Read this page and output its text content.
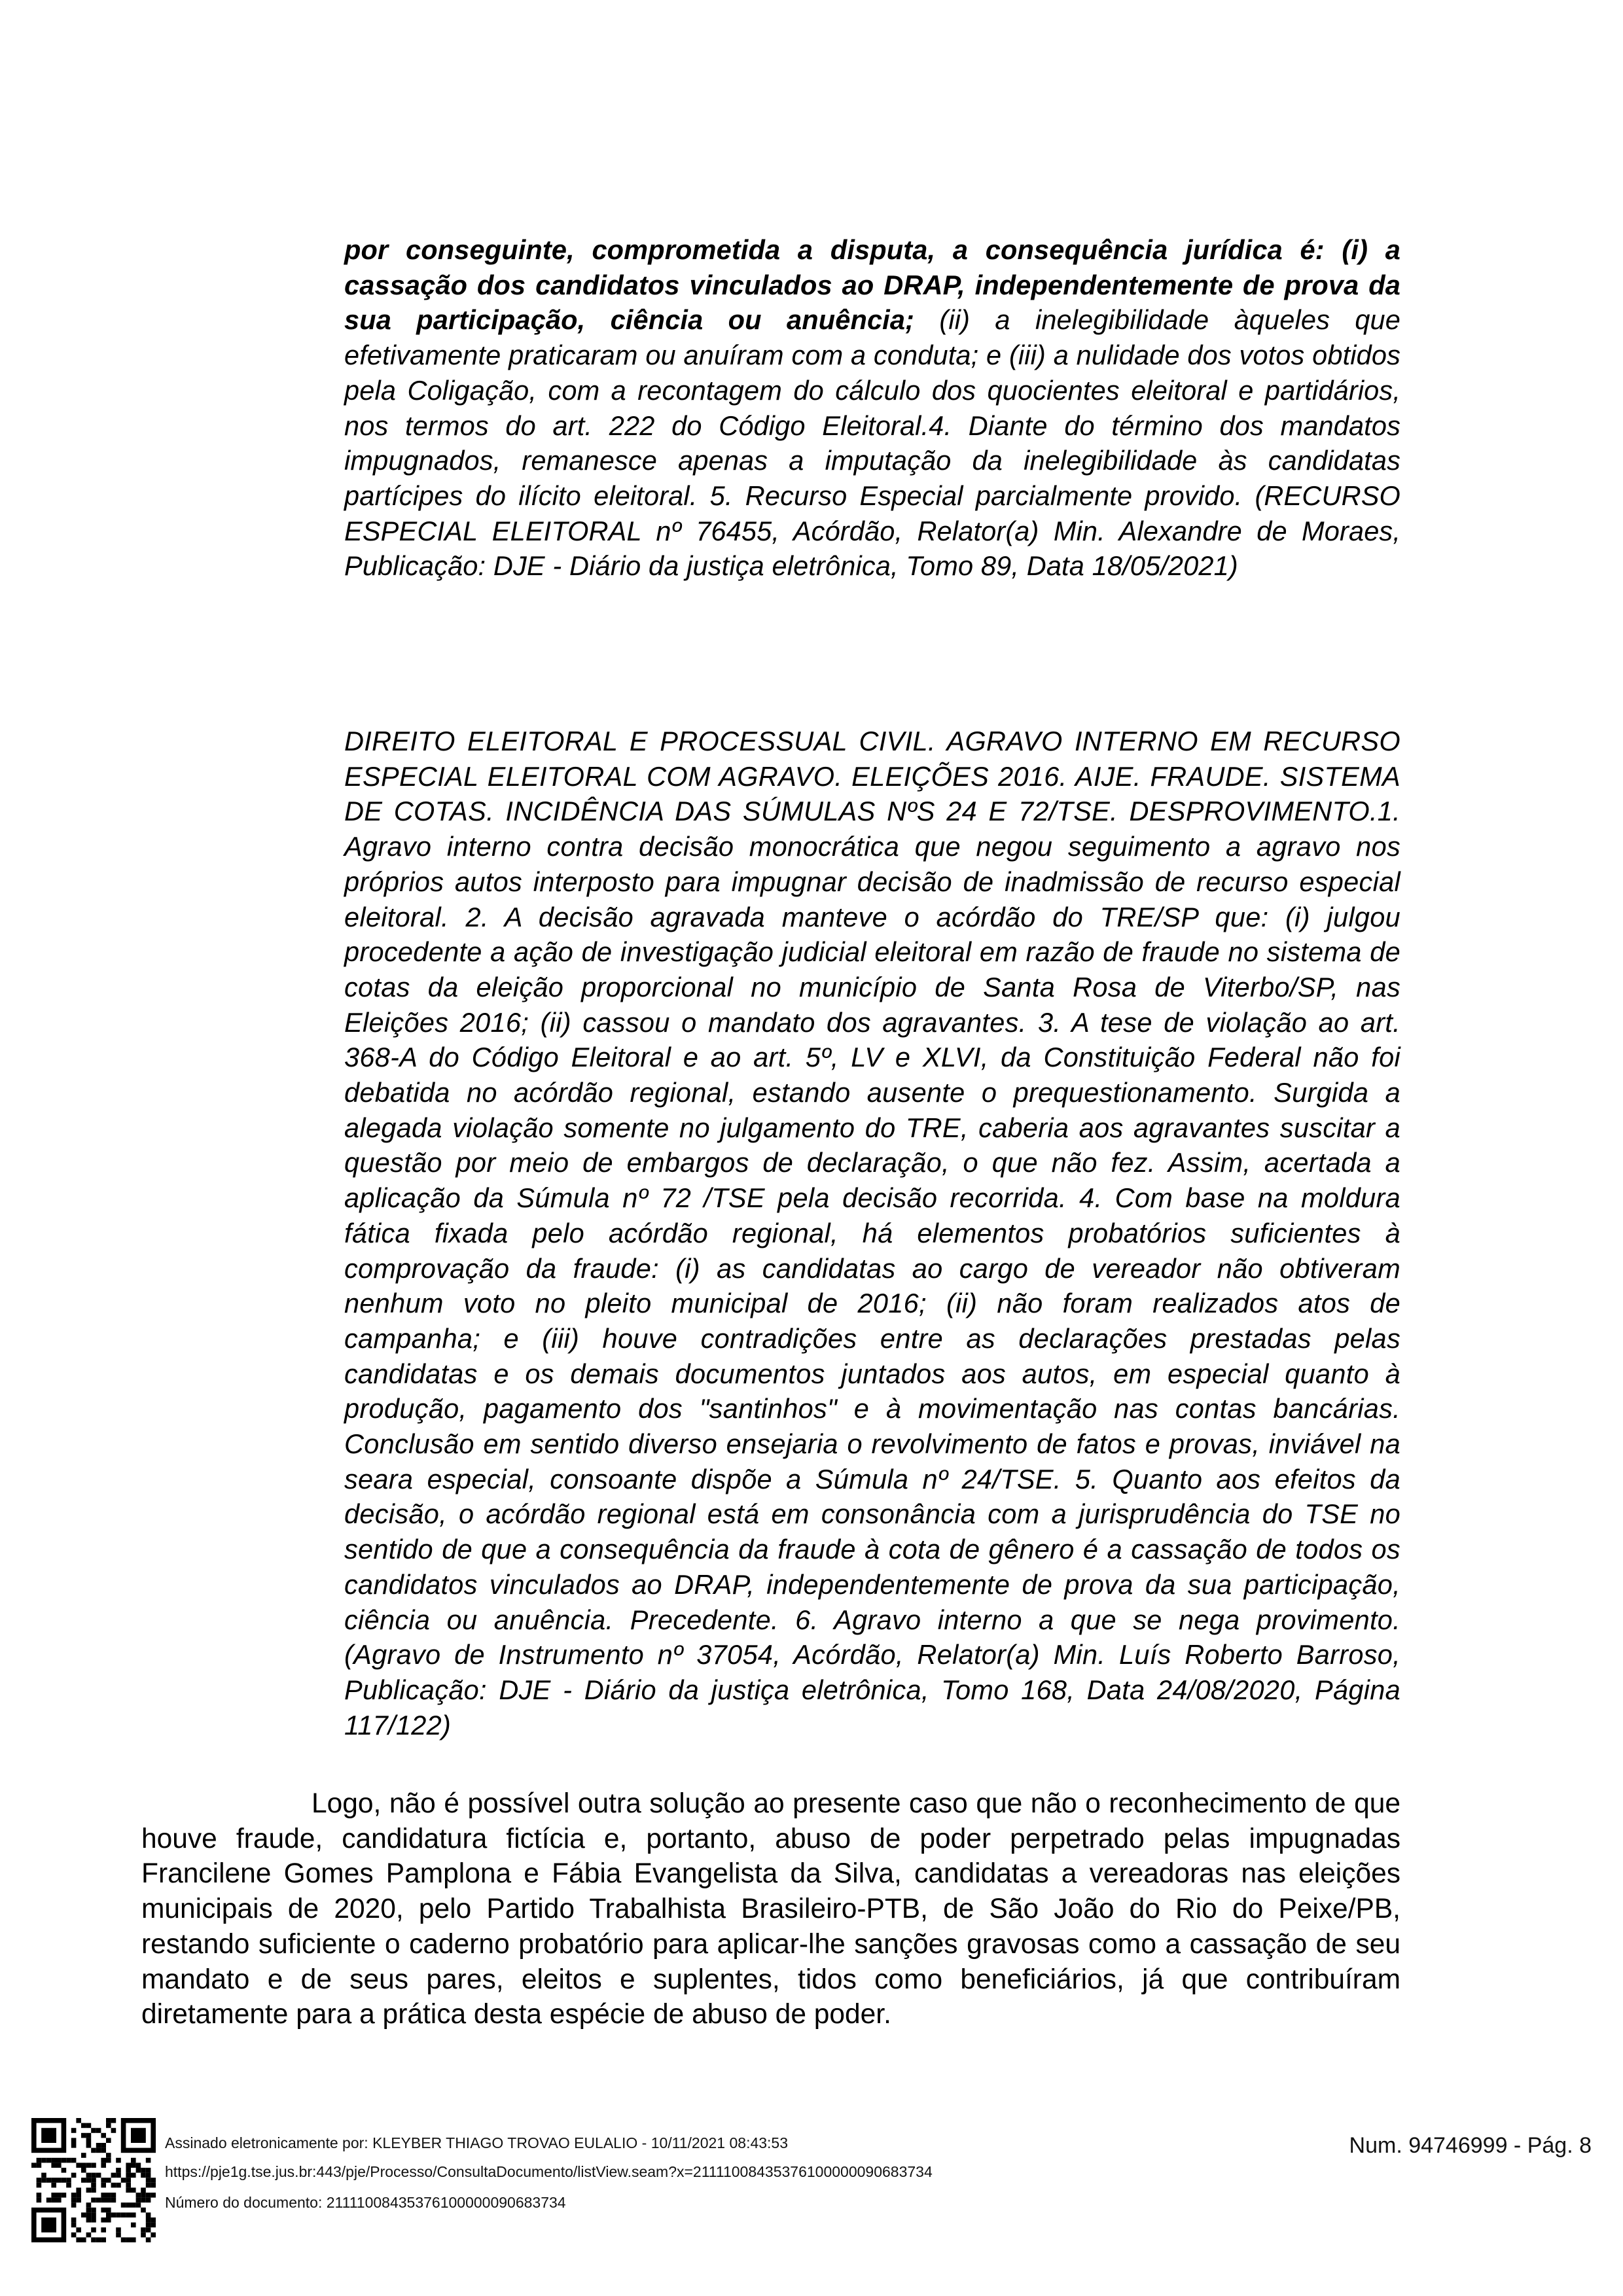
por conseguinte, comprometida a disputa, a consequência jurídica é: (i) a cassação dos candidatos vinculados ao DRAP, independentemente de prova da sua participação, ciência ou anuência; (ii) a inelegibilidade àqueles que efetivamente praticaram ou anuíram com a conduta; e (iii) a nulidade dos votos obtidos pela Coligação, com a recontagem do cálculo dos quocientes eleitoral e partidários, nos termos do art. 222 do Código Eleitoral.4. Diante do término dos mandatos impugnados, remanesce apenas a imputação da inelegibilidade às candidatas partícipes do ilícito eleitoral. 5. Recurso Especial parcialmente provido. (RECURSO ESPECIAL ELEITORAL nº 76455, Acórdão, Relator(a) Min. Alexandre de Moraes, Publicação: DJE - Diário da justiça eletrônica, Tomo 89, Data 18/05/2021)

DIREITO ELEITORAL E PROCESSUAL CIVIL. AGRAVO INTERNO EM RECURSO ESPECIAL ELEITORAL COM AGRAVO. ELEIÇÕES 2016. AIJE. FRAUDE. SISTEMA DE COTAS. INCIDÊNCIA DAS SÚMULAS NºS 24 E 72/TSE. DESPROVIMENTO.1. Agravo interno contra decisão monocrática que negou seguimento a agravo nos próprios autos interposto para impugnar decisão de inadmissão de recurso especial eleitoral. 2. A decisão agravada manteve o acórdão do TRE/SP que: (i) julgou procedente a ação de investigação judicial eleitoral em razão de fraude no sistema de cotas da eleição proporcional no município de Santa Rosa de Viterbo/SP, nas Eleições 2016; (ii) cassou o mandato dos agravantes. 3. A tese de violação ao art. 368-A do Código Eleitoral e ao art. 5º, LV e XLVI, da Constituição Federal não foi debatida no acórdão regional, estando ausente o prequestionamento. Surgida a alegada violação somente no julgamento do TRE, caberia aos agravantes suscitar a questão por meio de embargos de declaração, o que não fez. Assim, acertada a aplicação da Súmula nº 72 /TSE pela decisão recorrida. 4. Com base na moldura fática fixada pelo acórdão regional, há elementos probatórios suficientes à comprovação da fraude: (i) as candidatas ao cargo de vereador não obtiveram nenhum voto no pleito municipal de 2016; (ii) não foram realizados atos de campanha; e (iii) houve contradições entre as declarações prestadas pelas candidatas e os demais documentos juntados aos autos, em especial quanto à produção, pagamento dos "santinhos" e à movimentação nas contas bancárias. Conclusão em sentido diverso ensejaria o revolvimento de fatos e provas, inviável na seara especial, consoante dispõe a Súmula nº 24/TSE. 5. Quanto aos efeitos da decisão, o acórdão regional está em consonância com a jurisprudência do TSE no sentido de que a consequência da fraude à cota de gênero é a cassação de todos os candidatos vinculados ao DRAP, independentemente de prova da sua participação, ciência ou anuência. Precedente. 6. Agravo interno a que se nega provimento. (Agravo de Instrumento nº 37054, Acórdão, Relator(a) Min. Luís Roberto Barroso, Publicação: DJE - Diário da justiça eletrônica, Tomo 168, Data 24/08/2020, Página 117/122)

Logo, não é possível outra solução ao presente caso que não o reconhecimento de que houve fraude, candidatura fictícia e, portanto, abuso de poder perpetrado pelas impugnadas Francilene Gomes Pamplona e Fábia Evangelista da Silva, candidatas a vereadoras nas eleições municipais de 2020, pelo Partido Trabalhista Brasileiro-PTB, de São João do Rio do Peixe/PB, restando suficiente o caderno probatório para aplicar-lhe sanções gravosas como a cassação de seu mandato e de seus pares, eleitos e suplentes, tidos como beneficiários, já que contribuíram diretamente para a prática desta espécie de abuso de poder.

Assinado eletronicamente por: KLEYBER THIAGO TROVAO EULALIO - 10/11/2021 08:43:53
https://pje1g.tse.jus.br:443/pje/Processo/ConsultaDocumento/listView.seam?x=21111008435376100000090683734
Número do documento: 21111008435376100000090683734
Num. 94746999 - Pág. 8
